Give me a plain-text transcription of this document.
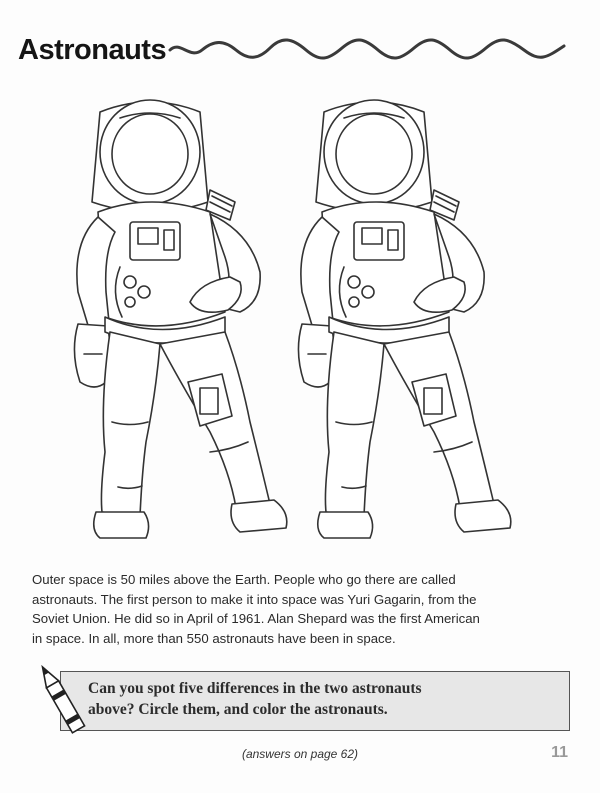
Astronauts

Outer space is 50 miles above the Earth. People who go there are called
astronauts. The first person to make it into space was Yuri Gagarin, from the
Soviet Union. He did so in April of 1961. Alan Shepard was the first American
in space. In all, more than 550 astronauts have been in space.

Can you spot five differences in the two astronauts
above? Circle them, and color the astronauts.

(answers on page 62)	11
